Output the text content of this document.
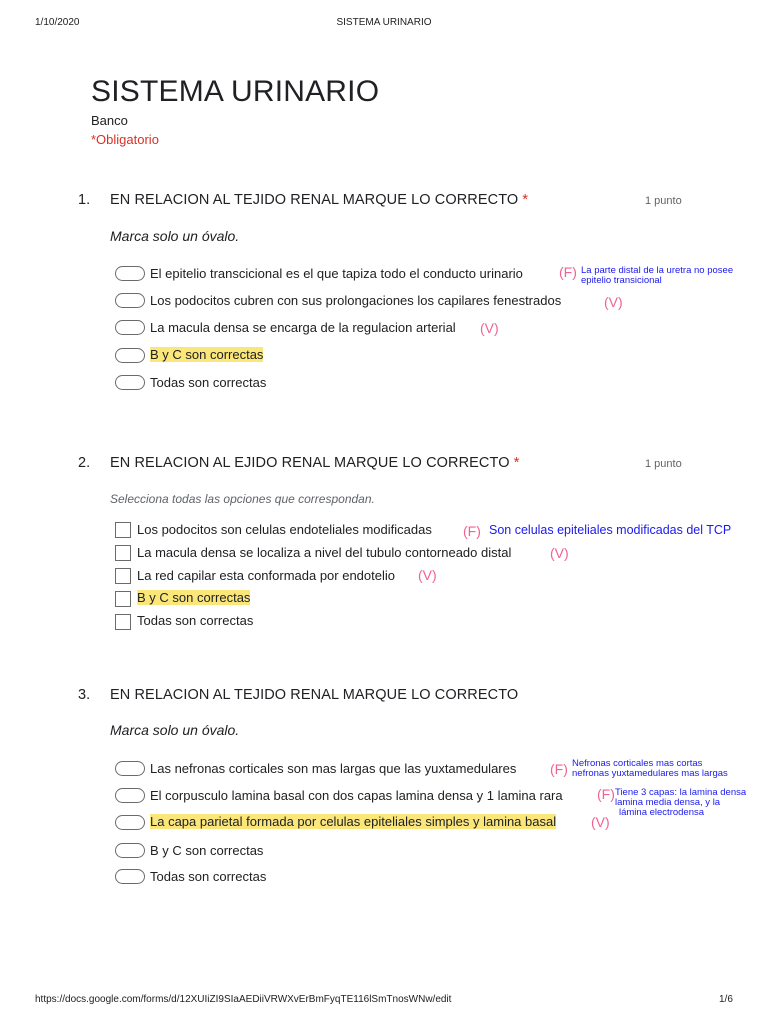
1/10/2020	SISTEMA URINARIO
SISTEMA URINARIO
Banco
*Obligatorio
1. EN RELACION AL TEJIDO RENAL MARQUE LO CORRECTO *	1 punto
Marca solo un óvalo.
El epitelio transcicional es el que tapiza todo el conducto urinario	(F) La parte distal de la uretra no posee
epitelio transicional
Los podocitos cubren con sus prolongaciones los capilares fenestrados	(V)
La macula densa se encarga de la regulacion arterial (V)
B y C son correctas
Todas son correctas
2. EN RELACION AL EJIDO RENAL MARQUE LO CORRECTO *	1 punto
Selecciona todas las opciones que correspondan.
Los podocitos son celulas endoteliales modificadas (F) Son celulas epiteliales modificadas del TCP
La macula densa se localiza a nivel del tubulo contorneado distal	(V)
La red capilar esta conformada por endotelio (V)
B y C son correctas
Todas son correctas
3. EN RELACION AL TEJIDO RENAL MARQUE LO CORRECTO
Marca solo un óvalo.
Las nefronas corticales son mas largas que las yuxtamedulares (F) Nefronas corticales mas cortas
nefronas yuxtamedulares mas largas
El corpusculo lamina basal con dos capas lamina densa y 1 lamina rara (F) Tiene 3 capas: la lamina densa
lamina media densa, y la
lámina electrodensa
La capa parietal formada por celulas epiteliales simples y lamina basal (V)
B y C son correctas
Todas son correctas
https://docs.google.com/forms/d/12XUIiZI9SIaAEDiiVRWXvErBmFyqTE116lSmTnosWNw/edit	1/6
